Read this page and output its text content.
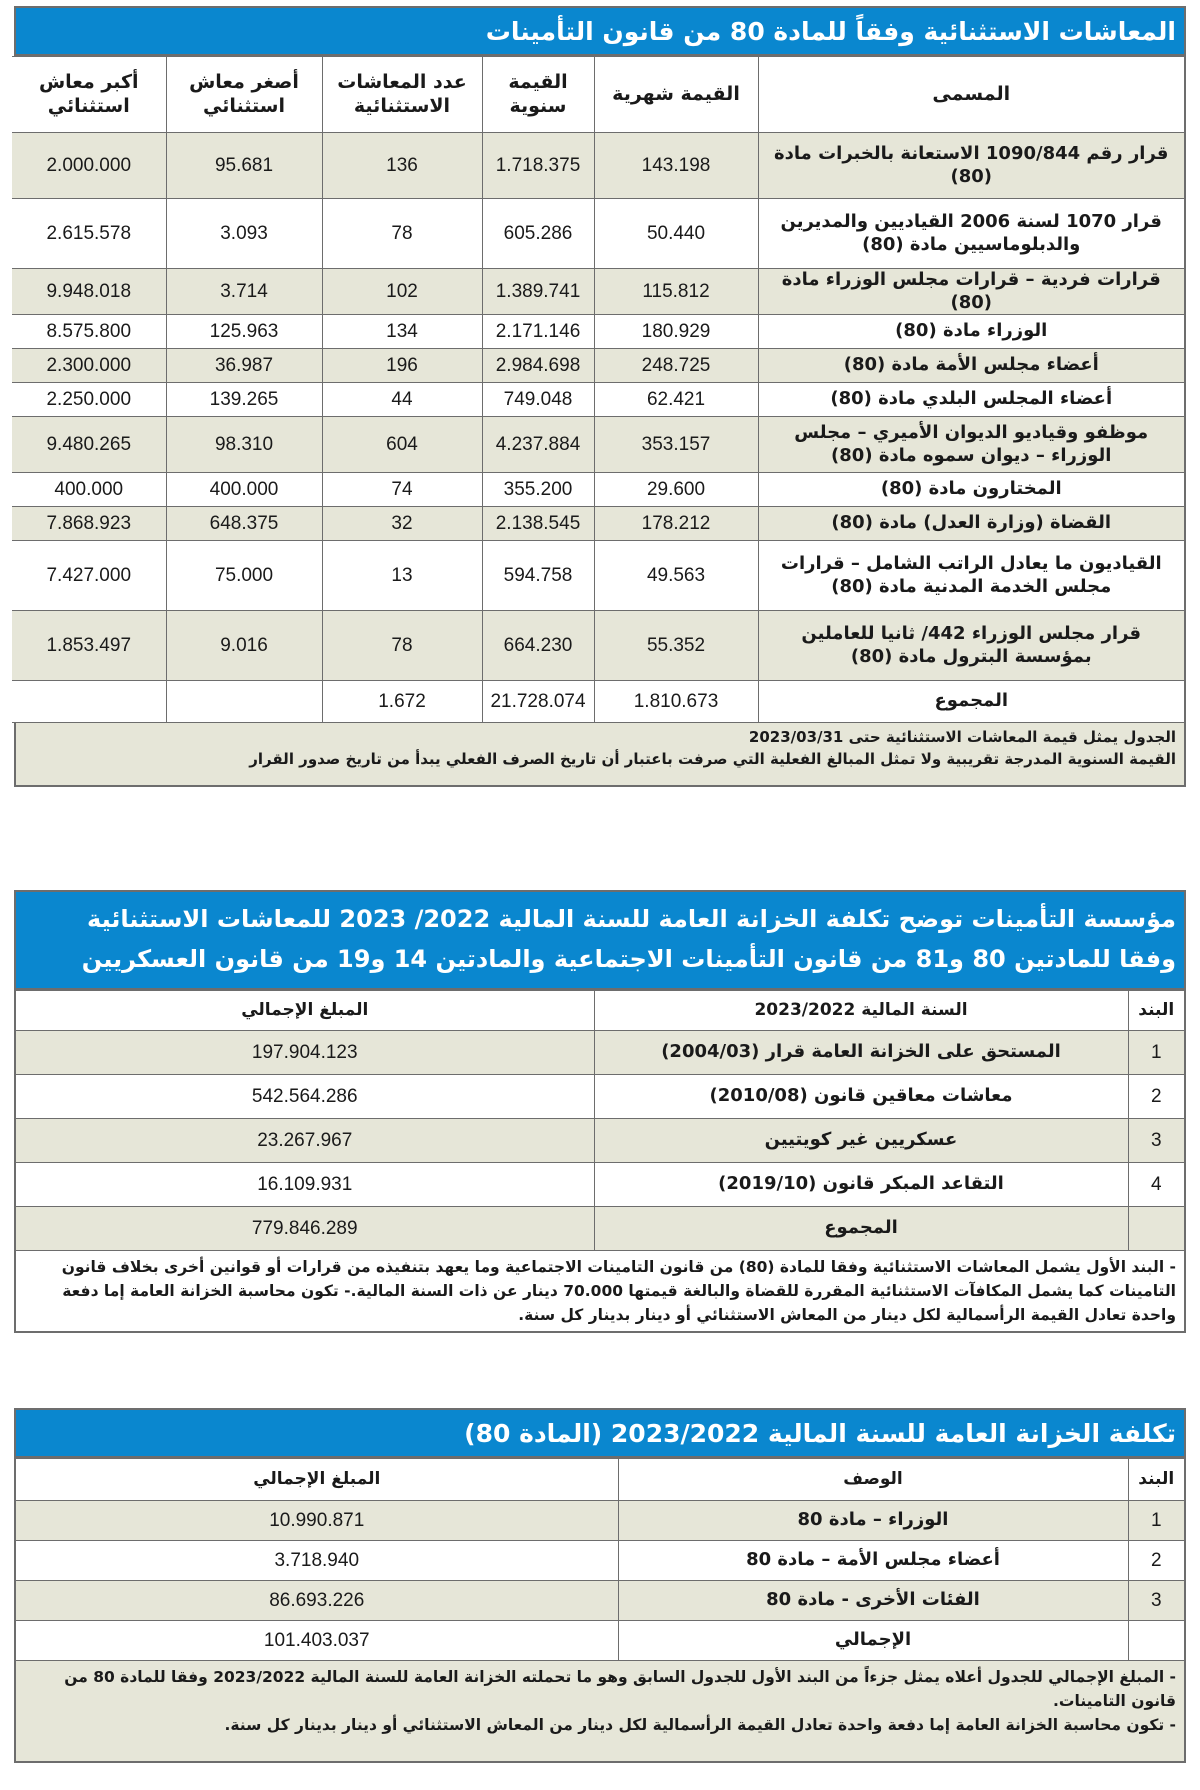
المعاشات الاستثنائية وفقاً للمادة 80 من قانون التأمينات
المسمى	القيمة شهرية	القيمة سنوية	عدد المعاشات الاستثنائية	أصغر معاش استثنائي	أكبر معاش استثنائي
قرار رقم 1090/844 الاستعانة بالخبرات مادة (80)	143.198	1.718.375	136	95.681	2.000.000
قرار 1070 لسنة 2006 القياديين والمديرين والدبلوماسيين مادة (80)	50.440	605.286	78	3.093	2.615.578
قرارات فردية – قرارات مجلس الوزراء مادة (80)	115.812	1.389.741	102	3.714	9.948.018
الوزراء مادة (80)	180.929	2.171.146	134	125.963	8.575.800
أعضاء مجلس الأمة مادة (80)	248.725	2.984.698	196	36.987	2.300.000
أعضاء المجلس البلدي مادة (80)	62.421	749.048	44	139.265	2.250.000
موظفو وقياديو الديوان الأميري – مجلس الوزراء – ديوان سموه مادة (80)	353.157	4.237.884	604	98.310	9.480.265
المختارون مادة (80)	29.600	355.200	74	400.000	400.000
القضاة (وزارة العدل) مادة (80)	178.212	2.138.545	32	648.375	7.868.923
القياديون ما يعادل الراتب الشامل – قرارات مجلس الخدمة المدنية مادة (80)	49.563	594.758	13	75.000	7.427.000
قرار مجلس الوزراء 442/ ثانيا للعاملين بمؤسسة البترول مادة (80)	55.352	664.230	78	9.016	1.853.497
المجموع	1.810.673	21.728.074	1.672		

الجدول يمثل قيمة المعاشات الاستثنائية حتى 2023/03/31

القيمة السنوية المدرجة تقريبية ولا تمثل المبالغ الفعلية التي صرفت باعتبار أن تاريخ الصرف الفعلي يبدأ من تاريخ صدور القرار

مؤسسة التأمينات توضح تكلفة الخزانة العامة للسنة المالية 2022/ 2023 للمعاشات الاستثنائية
وفقا للمادتين 80 و81 من قانون التأمينات الاجتماعية والمادتين 14 و19 من قانون العسكريين
البند	السنة المالية 2023/2022	المبلغ الإجمالي
1	المستحق على الخزانة العامة قرار (2004/03)	197.904.123
2	معاشات معاقين قانون (2010/08)	542.564.286
3	عسكريين غير كويتيين	23.267.967
4	التقاعد المبكر قانون (2019/10)	16.109.931
	المجموع	779.846.289

- البند الأول يشمل المعاشات الاستثنائية وفقا للمادة (80) من قانون التامينات الاجتماعية وما يعهد بتنفيذه من قرارات أو قوانين أخرى بخلاف قانون التامينات كما يشمل المكافآت الاستثنائية المقررة للقضاة والبالغة قيمتها 70.000 دينار عن ذات السنة المالية.- تكون محاسبة الخزانة العامة إما دفعة واحدة تعادل القيمة الرأسمالية لكل دينار من المعاش الاستثنائي أو دينار بدينار كل سنة.

تكلفة الخزانة العامة للسنة المالية 2023/2022 (المادة 80)
البند	الوصف	المبلغ الإجمالي
1	الوزراء – مادة 80	10.990.871
2	أعضاء مجلس الأمة – مادة 80	3.718.940
3	الفئات الأخرى - مادة 80	86.693.226
	الإجمالي	101.403.037

- المبلغ الإجمالي للجدول أعلاه يمثل جزءاً من البند الأول للجدول السابق وهو ما تحملته الخزانة العامة للسنة المالية 2023/2022 وفقا للمادة 80 من قانون التامينات.

- تكون محاسبة الخزانة العامة إما دفعة واحدة تعادل القيمة الرأسمالية لكل دينار من المعاش الاستثنائي أو دينار بدينار كل سنة.
